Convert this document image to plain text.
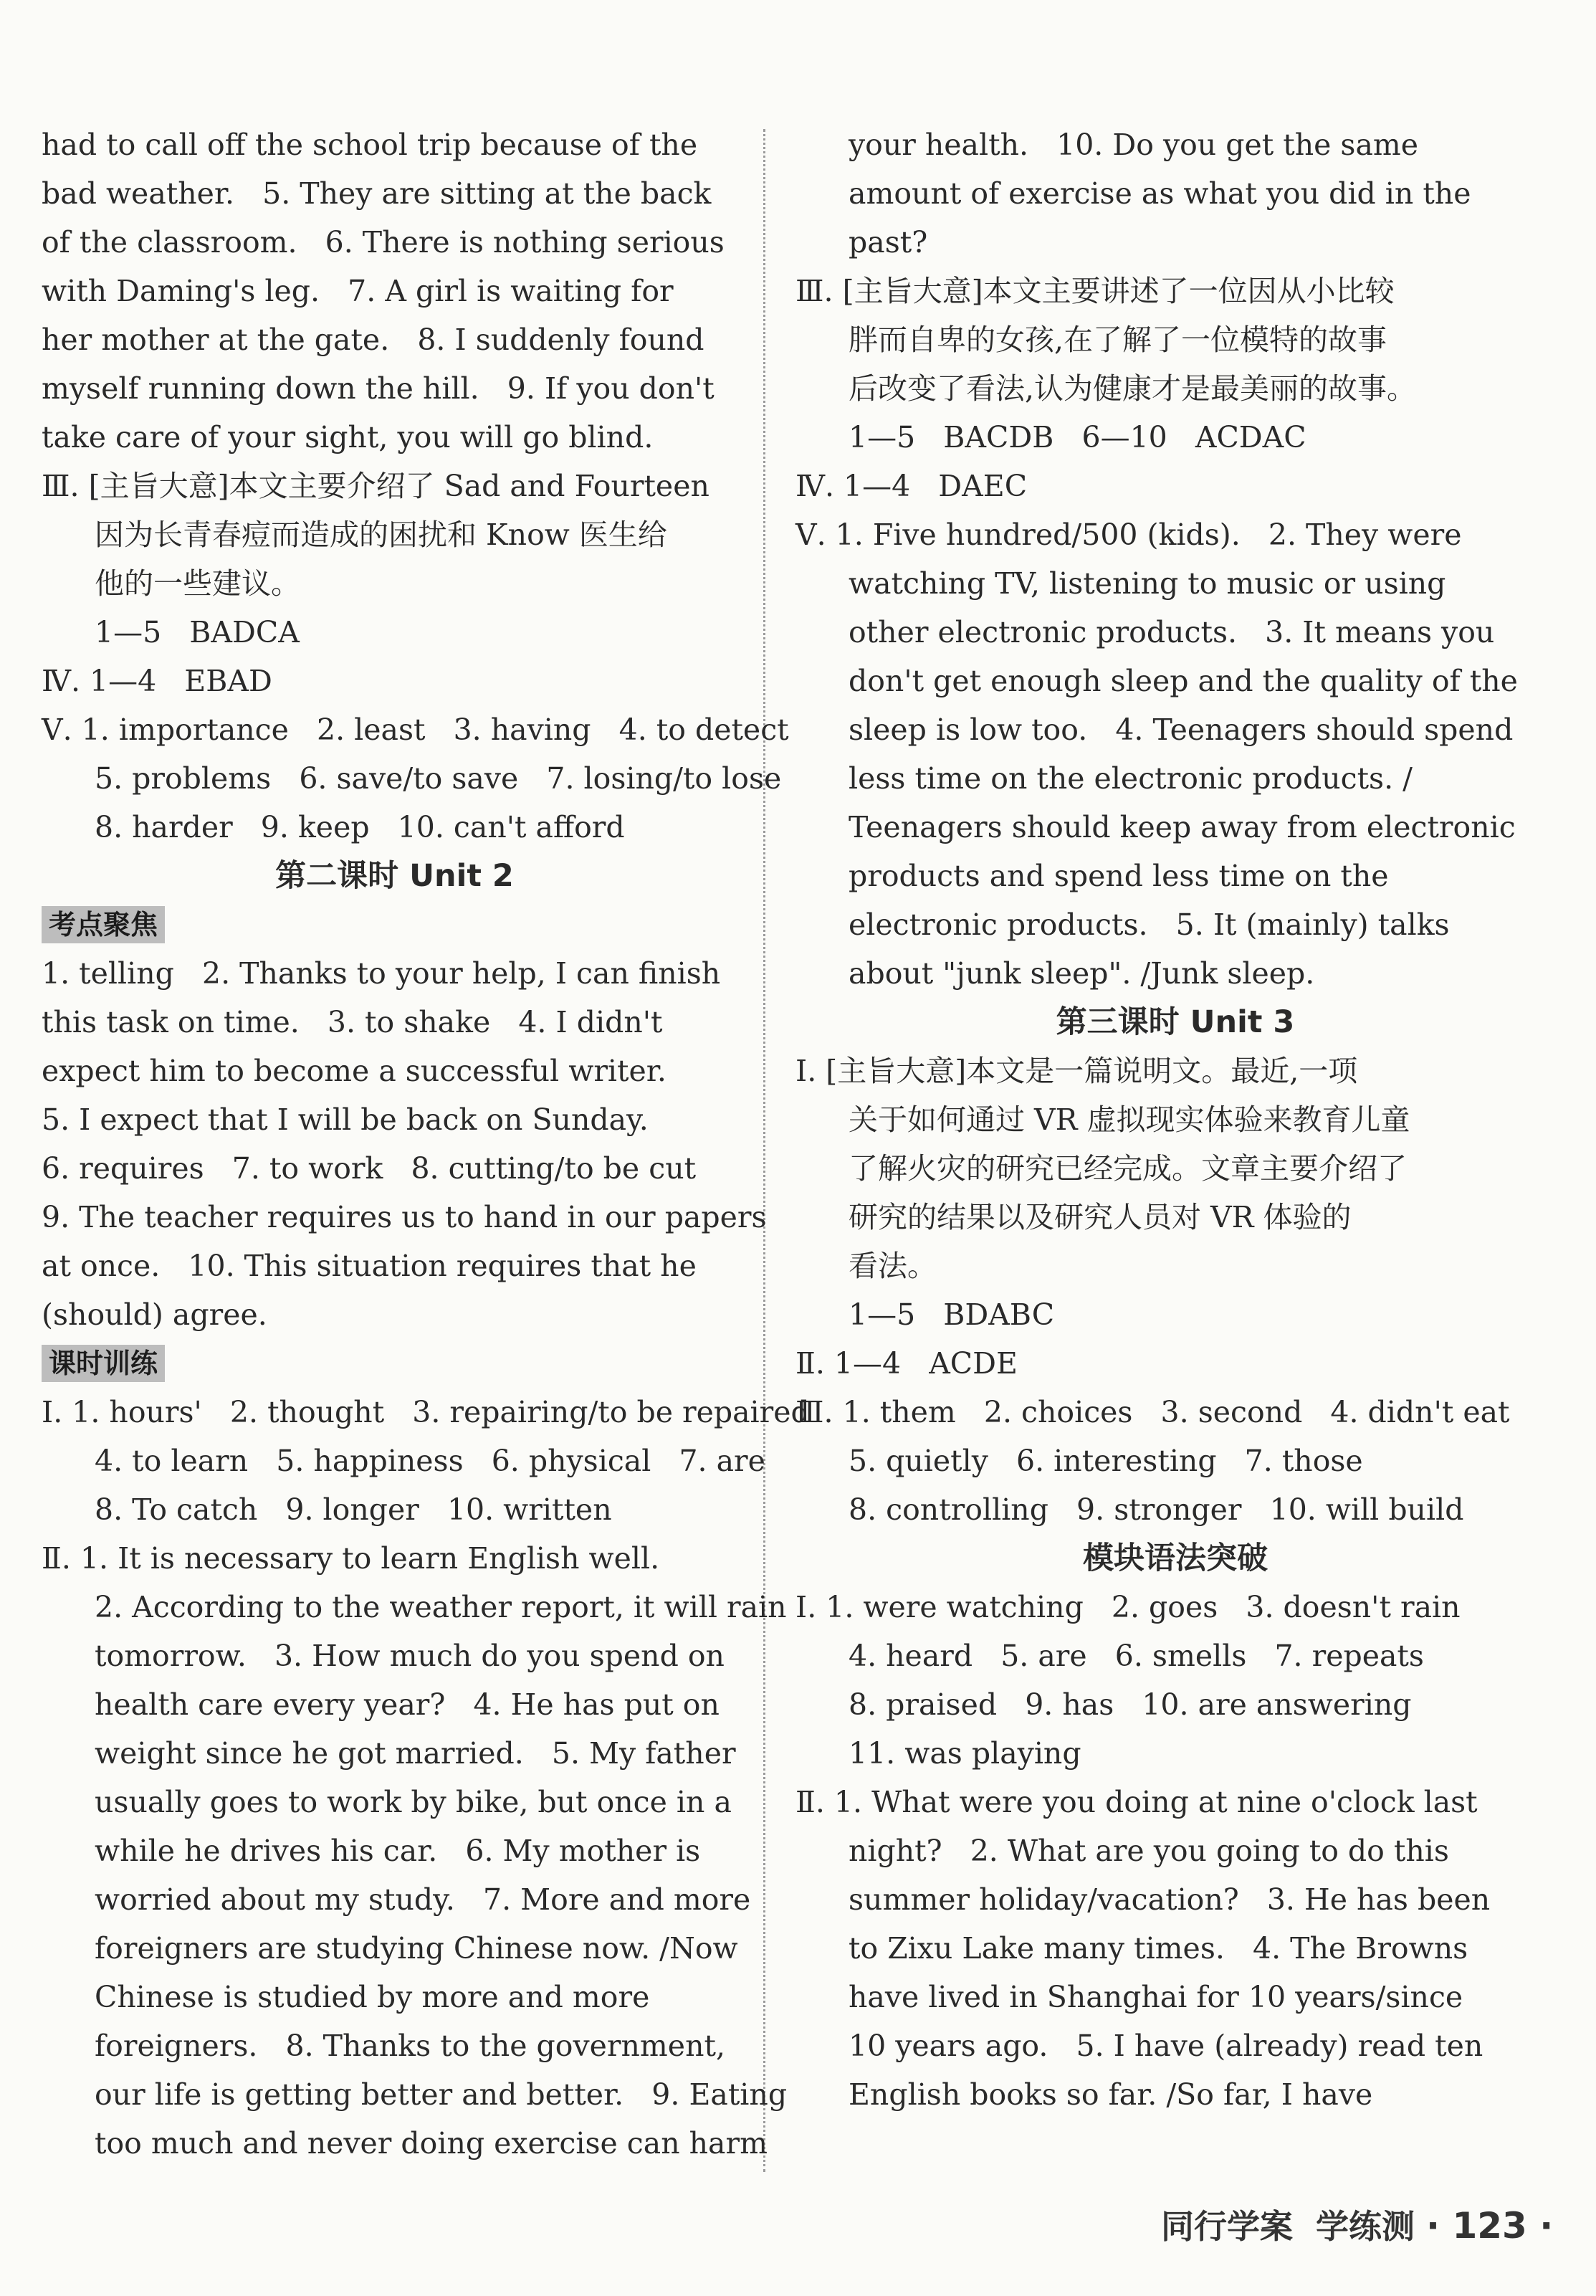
had to call off the school trip because of the
bad weather.   5. They are sitting at the back
of the classroom.   6. There is nothing serious
with Daming's leg.   7. A girl is waiting for
her mother at the gate.   8. I suddenly found
myself running down the hill.   9. If you don't
take care of your sight, you will go blind.
Ⅲ. [主旨大意]本文主要介绍了 Sad and Fourteen
因为长青春痘而造成的困扰和 Know 医生给
他的一些建议。
1—5   BADCA
Ⅳ. 1—4   EBAD
Ⅴ. 1. importance   2. least   3. having   4. to detect
5. problems   6. save/to save   7. losing/to lose
8. harder   9. keep   10. can't afford
第二课时 Unit 2
考点聚焦
1. telling   2. Thanks to your help, I can finish
this task on time.   3. to shake   4. I didn't
expect him to become a successful writer.
5. I expect that I will be back on Sunday.
6. requires   7. to work   8. cutting/to be cut
9. The teacher requires us to hand in our papers
at once.   10. This situation requires that he
(should) agree.
课时训练
Ⅰ. 1. hours'   2. thought   3. repairing/to be repaired
4. to learn   5. happiness   6. physical   7. are
8. To catch   9. longer   10. written
Ⅱ. 1. It is necessary to learn English well.
2. According to the weather report, it will rain
tomorrow.   3. How much do you spend on
health care every year?   4. He has put on
weight since he got married.   5. My father
usually goes to work by bike, but once in a
while he drives his car.   6. My mother is
worried about my study.   7. More and more
foreigners are studying Chinese now. /Now
Chinese is studied by more and more
foreigners.   8. Thanks to the government,
our life is getting better and better.   9. Eating
too much and never doing exercise can harm
your health.   10. Do you get the same
amount of exercise as what you did in the
past?
Ⅲ. [主旨大意]本文主要讲述了一位因从小比较
胖而自卑的女孩,在了解了一位模特的故事
后改变了看法,认为健康才是最美丽的故事。
1—5   BACDB   6—10   ACDAC
Ⅳ. 1—4   DAEC
Ⅴ. 1. Five hundred/500 (kids).   2. They were
watching TV, listening to music or using
other electronic products.   3. It means you
don't get enough sleep and the quality of the
sleep is low too.   4. Teenagers should spend
less time on the electronic products. /
Teenagers should keep away from electronic
products and spend less time on the
electronic products.   5. It (mainly) talks
about "junk sleep". /Junk sleep.
第三课时 Unit 3
Ⅰ. [主旨大意]本文是一篇说明文。最近,一项
关于如何通过 VR 虚拟现实体验来教育儿童
了解火灾的研究已经完成。文章主要介绍了
研究的结果以及研究人员对 VR 体验的
看法。
1—5   BDABC
Ⅱ. 1—4   ACDE
Ⅲ. 1. them   2. choices   3. second   4. didn't eat
5. quietly   6. interesting   7. those
8. controlling   9. stronger   10. will build
模块语法突破
Ⅰ. 1. were watching   2. goes   3. doesn't rain
4. heard   5. are   6. smells   7. repeats
8. praised   9. has   10. are answering
11. was playing
Ⅱ. 1. What were you doing at nine o'clock last
night?   2. What are you going to do this
summer holiday/vacation?   3. He has been
to Zixu Lake many times.   4. The Browns
have lived in Shanghai for 10 years/since
10 years ago.   5. I have (already) read ten
English books so far. /So far, I have
同行学案 学练测 · 123 ·
